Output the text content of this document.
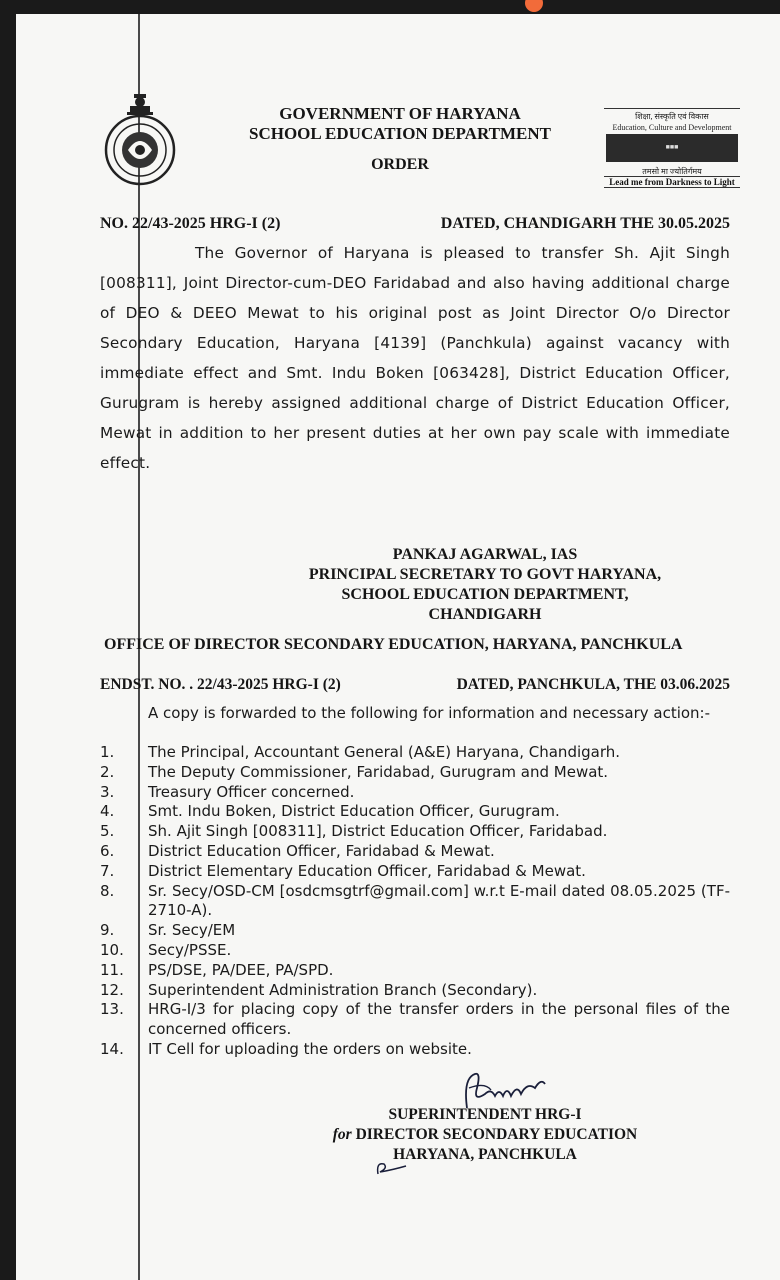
GOVERNMENT OF HARYANA
SCHOOL EDUCATION DEPARTMENT
ORDER
शिक्षा, संस्कृति एवं विकास
Education, Culture and Development
■■■
तमसो मा ज्योतिर्गमय
Lead me from Darkness to Light
NO. 22/43-2025 HRG-I (2)	DATED, CHANDIGARH THE 30.05.2025
The Governor of Haryana is pleased to transfer Sh. Ajit Singh [008311], Joint Director-cum-DEO Faridabad and also having additional charge of DEO & DEEO Mewat to his original post as Joint Director O/o Director Secondary Education, Haryana [4139] (Panchkula) against vacancy with immediate effect and Smt. Indu Boken [063428], District Education Officer, Gurugram is hereby assigned additional charge of District Education Officer, Mewat in addition to her present duties at her own pay scale with immediate effect.
PANKAJ AGARWAL, IAS
PRINCIPAL SECRETARY TO GOVT HARYANA,
SCHOOL EDUCATION DEPARTMENT,
CHANDIGARH
OFFICE OF DIRECTOR SECONDARY EDUCATION, HARYANA, PANCHKULA
ENDST. NO. . 22/43-2025 HRG-I (2)	DATED, PANCHKULA, THE 03.06.2025
A copy is forwarded to the following for information and necessary action:-
1.	The Principal, Accountant General (A&E) Haryana, Chandigarh.
2.	The Deputy Commissioner, Faridabad, Gurugram and Mewat.
3.	Treasury Officer concerned.
4.	Smt. Indu Boken, District Education Officer, Gurugram.
5.	Sh. Ajit Singh [008311], District Education Officer, Faridabad.
6.	District Education Officer, Faridabad & Mewat.
7.	District Elementary Education Officer, Faridabad & Mewat.
8.	Sr. Secy/OSD-CM [osdcmsgtrf@gmail.com] w.r.t E-mail dated 08.05.2025 (TF-2710-A).
9.	Sr. Secy/EM
10.	Secy/PSSE.
11.	PS/DSE, PA/DEE, PA/SPD.
12.	Superintendent Administration Branch (Secondary).
13.	HRG-I/3 for placing copy of the transfer orders in the personal files of the concerned officers.
14.	IT Cell for uploading the orders on website.
SUPERINTENDENT HRG-I
for DIRECTOR SECONDARY EDUCATION
HARYANA, PANCHKULA
